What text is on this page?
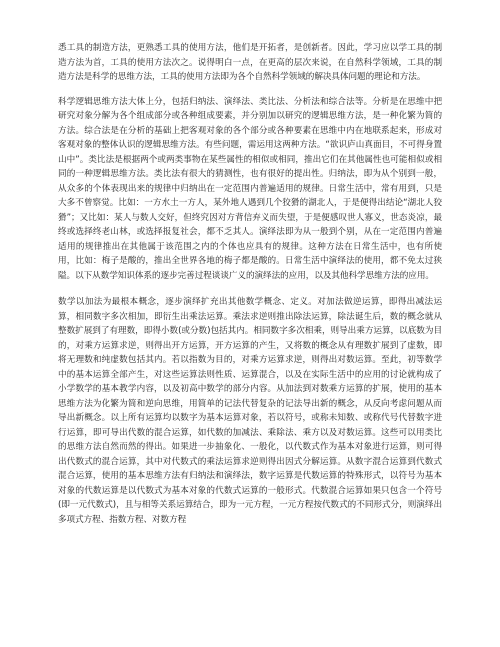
悉工具的制造方法，更熟悉工具的使用方法，他们是开拓者，是创新者。因此，学习应以学工具的制造方法为首，工具的使用方法次之。说得明白一点，在更高的层次来说，在自然科学领域，工具的制造方法是科学的思维方法，工具的使用方法即为各个自然科学领域的解决具体问题的理论和方法。

科学逻辑思维方法大体上分，包括归纳法、演绎法、类比法、分析法和综合法等。分析是在思维中把研究对象分解为各个组成部分或各种组成要素，并分别加以研究的逻辑思维方法，是一种化繁为简的方法。综合法是在分析的基础上把客观对象的各个部分或各种要素在思维中内在地联系起来，形成对客观对象的整体认识的逻辑思维方法。有些问题，需运用这两种方法。“欲识庐山真面目，不可得身置山中”。类比法是根据两个或两类事物在某些属性的相似或相同，推出它们在其他属性也可能相似或相同的一种逻辑思维方法。类比法有很大的猜测性，也有很好的提出性。归纳法，即为从个别到一般，从众多的个体表现出来的规律中归纳出在一定范围内普遍适用的规律。日常生活中，常有用到，只是大多不曾察觉。比如：一方水土一方人，某外地人遇到几个狡猾的湖北人，于是便得出结论“湖北人狡猾”；又比如：某人与数人交好，但终究因对方背信弃义而失望，于是便感叹世人寡义，世态炎凉，最终或选择终老山林，或选择报复社会，都不乏其人。演绎法即为从一般到个别，从在一定范围内普遍适用的规律推出在其他属于该范围之内的个体也应具有的规律。这种方法在日常生活中，也有所使用，比如：梅子是酸的，推出全世界各地的梅子都是酸的。日常生活中演绎法的使用，都不免太过狭隘。以下从数学知识体系的逐步完善过程谈谈广义的演绎法的应用，以及其他科学思维方法的应用。

数学以加法为最根本概念，逐步演绎扩充出其他数学概念、定义。对加法做逆运算，即得出减法运算，相同数字多次相加，即衍生出乘法运算。乘法求逆则推出除法运算，除法诞生后，数的概念就从整数扩展到了有理数，即得小数(或分数)包括其内。相同数字多次相乘，则导出乘方运算，以底数为目的，对乘方运算求逆，则得出开方运算，开方运算的产生，又将数的概念从有理数扩展到了虚数，即将无理数和纯虚数包括其内。若以指数为目的，对乘方运算求逆，则得出对数运算。至此，初等数学中的基本运算全部产生，对这些运算法则性质、运算混合，以及在实际生活中的应用的讨论就构成了小学数学的基本教学内容，以及初高中数学的部分内容。从加法到对数乘方运算的扩展，使用的基本思维方法为化繁为简和逆向思维，用简单的记法代替复杂的记法导出新的概念，从反向考虑问题从而导出新概念。以上所有运算均以数字为基本运算对象，若以符号，或称未知数、或称代号代替数字进行运算，即可导出代数的混合运算，如代数的加减法、乘除法、乘方以及对数运算。这些可以用类比的思维方法自然而然的得出。如果进一步抽象化、一般化，以代数式作为基本对象进行运算，则可得出代数式的混合运算，其中对代数式的乘法运算求逆则得出因式分解运算。从数字混合运算到代数式混合运算，使用的基本思维方法有归纳法和演绎法，数字运算是代数运算的特殊形式，以符号为基本对象的代数运算是以代数式为基本对象的代数式运算的一般形式。代数混合运算如果只包含一个符号(即一元代数式)，且与相等关系运算结合，即为一元方程，一元方程按代数式的不同形式分，则演绎出多项式方程、指数方程、对数方程
